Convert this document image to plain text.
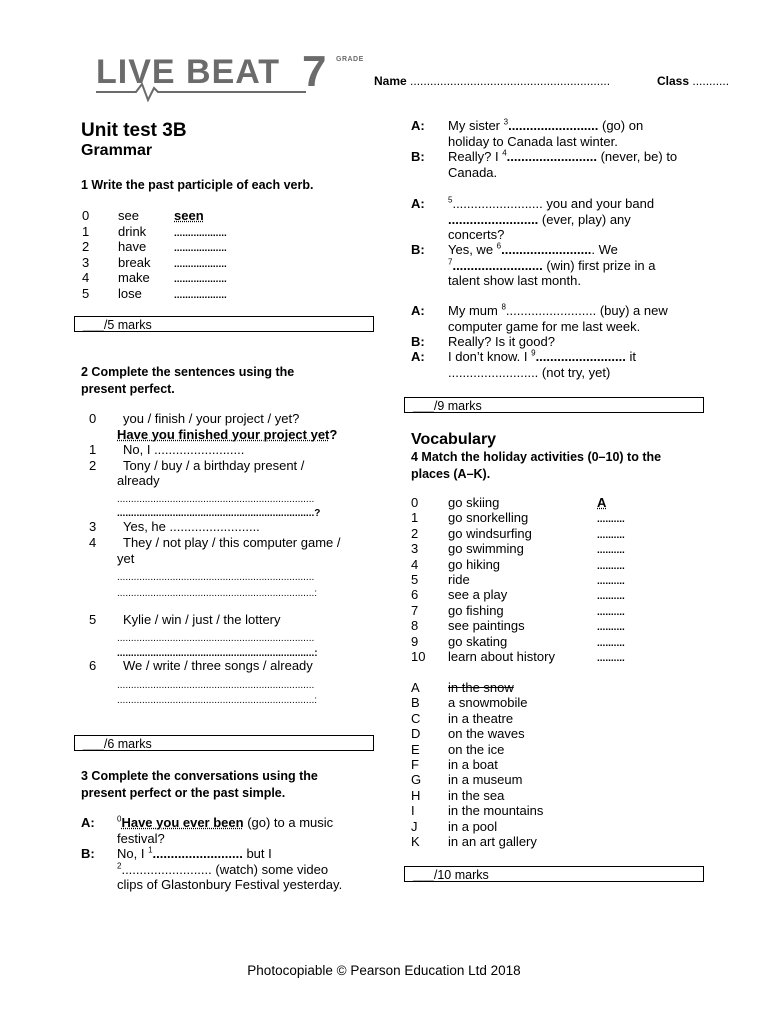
LIVE BEAT 7 GRADE
Name ............................................................	Class ...........
Unit test 3B
Grammar
1 Write the past participle of each verb.
0 see	seen
1 drink	...................
2 have	...................
3 break ...................
4 make ...................
5 lose	...................
___/5 marks
2 Complete the sentences using the
present perfect.
0 you / finish / your project / yet?
Have you finished your project yet?
1 No, I .........................
2 Tony / buy / a birthday present /
already
.......................................................................
.......................................................................?
3 Yes, he .........................
4 They / not play / this computer game /
yet
.......................................................................
.......................................................................:
5 Kylie / win / just / the lottery
.......................................................................
.......................................................................:
6 We / write / three songs / already
.......................................................................
.......................................................................:
___/6 marks
3 Complete the conversations using the
present perfect or the past simple.
A:	$^0$Have you ever been (go) to a music
festival?
B: No, I $^1$......................... but I
$^2$......................... (watch) some video
clips of Glastonbury Festival yesterday.
A: My sister $^3$......................... (go) on
holiday to Canada last winter.
B: Really? I $^4$......................... (never, be) to
Canada.
A:	$^5$......................... you and your band
......................... (ever, play) any
concerts?
B: Yes, we $^6$.......................... We
$^7$......................... (win) first prize in a
talent show last month.
A: My mum $^8$......................... (buy) a new
computer game for me last week.
B: Really? Is it good?
A: I don’t know. I $^9$......................... it
......................... (not try, yet)
___/9 marks
Vocabulary
4 Match the holiday activities (0–10) to the
places (A–K).
0 go skiing	A
1 go snorkelling	..........
2 go windsurfing	..........
3 go swimming	..........
4 go hiking	..........
5 ride	..........
6 see a play	..........
7 go fishing	..........
8 see paintings	..........
9 go skating	..........
10 learn about history	..........
A in the snow
B a snowmobile
C in a theatre
D on the waves
E on the ice
F in a boat
G in a museum
H in the sea
I	in the mountains
J in a pool
K in an art gallery
___/10 marks
Photocopiable © Pearson Education Ltd 2018
